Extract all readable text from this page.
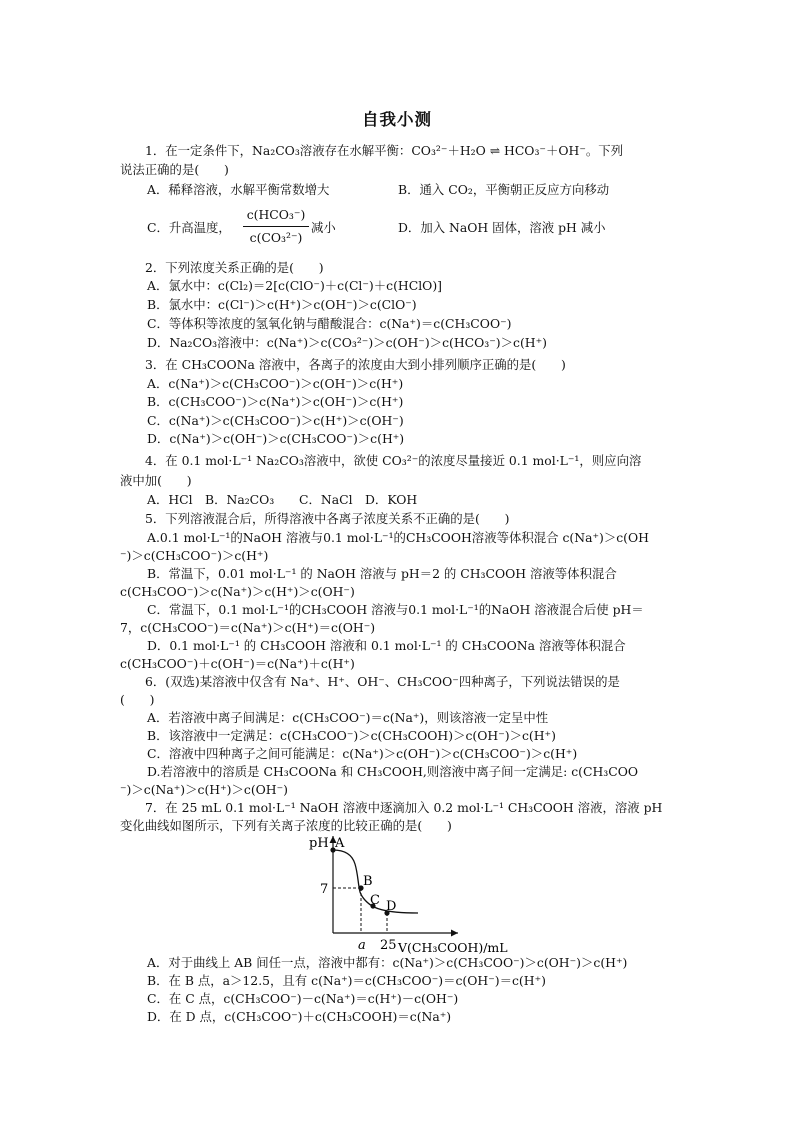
自我小测
1．在一定条件下，Na₂CO₃溶液存在水解平衡：CO₃²⁻＋H₂O ⇌ HCO₃⁻＋OH⁻。下列
说法正确的是(　　)
A．稀释溶液，水解平衡常数增大	B．通入 CO₂，平衡朝正反应方向移动
C．升高温度，
c(HCO₃⁻)
c(CO₃²⁻)
减小	D．加入 NaOH 固体，溶液 pH 减小
2．下列浓度关系正确的是(　　)
A．氯水中：c(Cl₂)＝2[c(ClO⁻)＋c(Cl⁻)＋c(HClO)]
B．氯水中：c(Cl⁻)＞c(H⁺)＞c(OH⁻)＞c(ClO⁻)
C．等体积等浓度的氢氧化钠与醋酸混合：c(Na⁺)＝c(CH₃COO⁻)
D．Na₂CO₃溶液中：c(Na⁺)＞c(CO₃²⁻)＞c(OH⁻)＞c(HCO₃⁻)＞c(H⁺)
3．在 CH₃COONa 溶液中，各离子的浓度由大到小排列顺序正确的是(　　)
A．c(Na⁺)＞c(CH₃COO⁻)＞c(OH⁻)＞c(H⁺)
B．c(CH₃COO⁻)＞c(Na⁺)＞c(OH⁻)＞c(H⁺)
C．c(Na⁺)＞c(CH₃COO⁻)＞c(H⁺)＞c(OH⁻)
D．c(Na⁺)＞c(OH⁻)＞c(CH₃COO⁻)＞c(H⁺)
4．在 0.1 mol·L⁻¹ Na₂CO₃溶液中，欲使 CO₃²⁻的浓度尽量接近 0.1 mol·L⁻¹，则应向溶
液中加(　　)
A．HCl　B．Na₂CO₃　　C．NaCl　D．KOH
5．下列溶液混合后，所得溶液中各离子浓度关系不正确的是(　　)
A.0.1 mol·L⁻¹的NaOH 溶液与0.1 mol·L⁻¹的CH₃COOH溶液等体积混合 c(Na⁺)＞c(OH
⁻)＞c(CH₃COO⁻)＞c(H⁺)
B．常温下，0.01 mol·L⁻¹ 的 NaOH 溶液与 pH＝2 的 CH₃COOH 溶液等体积混合
c(CH₃COO⁻)＞c(Na⁺)＞c(H⁺)＞c(OH⁻)
C．常温下，0.1 mol·L⁻¹的CH₃COOH 溶液与0.1 mol·L⁻¹的NaOH 溶液混合后使 pH＝
7，c(CH₃COO⁻)＝c(Na⁺)＞c(H⁺)＝c(OH⁻)
D．0.1 mol·L⁻¹ 的 CH₃COOH 溶液和 0.1 mol·L⁻¹ 的 CH₃COONa 溶液等体积混合
c(CH₃COO⁻)＋c(OH⁻)＝c(Na⁺)＋c(H⁺)
6．(双选)某溶液中仅含有 Na⁺、H⁺、OH⁻、CH₃COO⁻四种离子，下列说法错误的是
(　　)
A．若溶液中离子间满足：c(CH₃COO⁻)＝c(Na⁺)，则该溶液一定呈中性
B．该溶液中一定满足：c(CH₃COO⁻)＞c(CH₃COOH)＞c(OH⁻)＞c(H⁺)
C．溶液中四种离子之间可能满足：c(Na⁺)＞c(OH⁻)＞c(CH₃COO⁻)＞c(H⁺)
D.若溶液中的溶质是 CH₃COONa 和 CH₃COOH,则溶液中离子间一定满足: c(CH₃COO
⁻)＞c(Na⁺)＞c(H⁺)＞c(OH⁻)
7．在 25 mL 0.1 mol·L⁻¹ NaOH 溶液中逐滴加入 0.2 mol·L⁻¹ CH₃COOH 溶液，溶液 pH
变化曲线如图所示，下列有关离子浓度的比较正确的是(　　)
pH A
B
C D
7
a 25 V(CH₃COOH)/mL
A．对于曲线上 AB 间任一点，溶液中都有：c(Na⁺)＞c(CH₃COO⁻)＞c(OH⁻)＞c(H⁺)
B．在 B 点，a＞12.5，且有 c(Na⁺)＝c(CH₃COO⁻)＝c(OH⁻)＝c(H⁺)
C．在 C 点，c(CH₃COO⁻)－c(Na⁺)＝c(H⁺)－c(OH⁻)
D．在 D 点，c(CH₃COO⁻)＋c(CH₃COOH)＝c(Na⁺)
